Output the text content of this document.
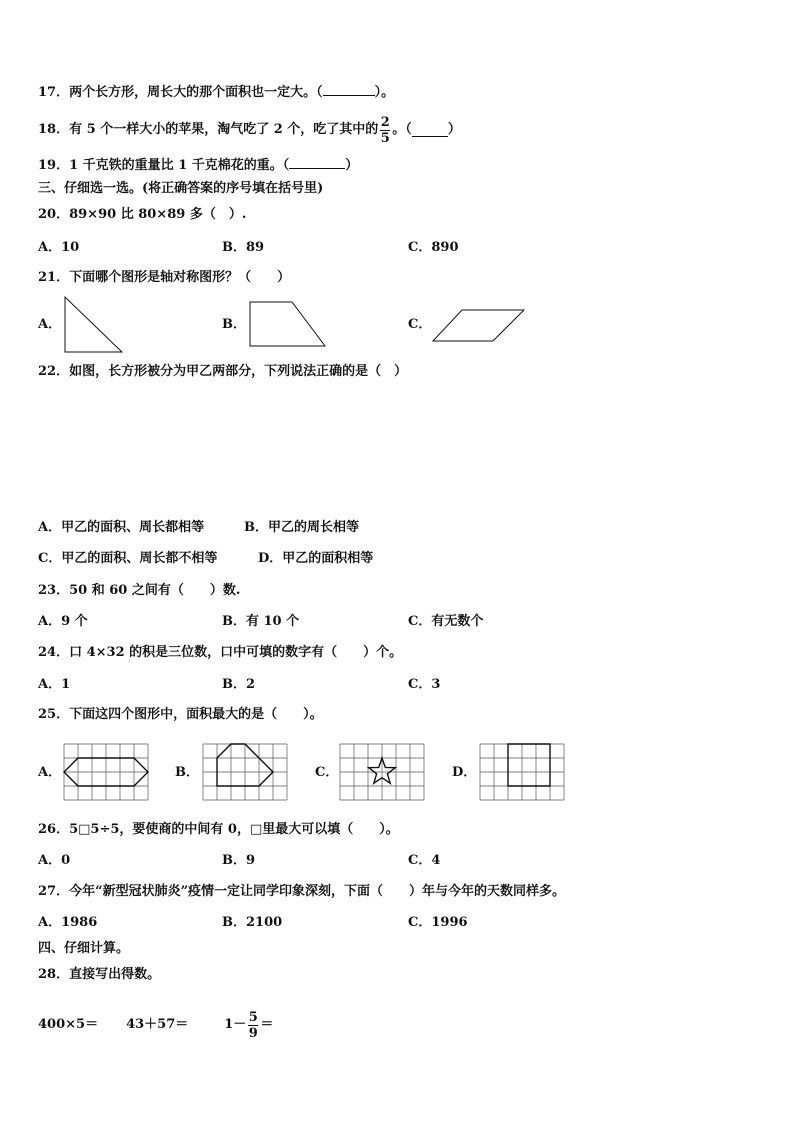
17．两个长方形，周长大的那个面积也一定大。（	）。
18．有 5 个一样大小的苹果，淘气吃了 2 个，吃了其中的 $\frac{2}{5}$ 。（	）
19．1 千克铁的重量比 1 千克棉花的重。（	）
三、仔细选一选。(将正确答案的序号填在括号里)
20．89×90 比 80×89 多（　）.
A．10	B．89	C．890
21．下面哪个图形是轴对称图形？（　　）
A．	B．	C．
22．如图，长方形被分为甲乙两部分，下列说法正确的是（　）
A．甲乙的面积、周长都相等	B．甲乙的周长相等
C．甲乙的面积、周长都不相等	D．甲乙的面积相等
23．50 和 60 之间有（　　）数.
A．9 个	B．有 10 个	C．有无数个
24．口 4×32 的积是三位数，口中可填的数字有（　　）个。
A．1	B．2	C．3
25．下面这四个图形中，面积最大的是（　　）。
A．	B．	C．	D．
26．5□5÷5，要使商的中间有 0，□里最大可以填（　　）。
A．0	B．9	C．4
27．今年“新型冠状肺炎”疫情一定让同学印象深刻，下面（　　）年与今年的天数同样多。
A．1986	B．2100	C．1996
四、仔细计算。
28．直接写出得数。
400×5＝ 43＋57＝	$1- \frac{5}{9}$ ＝
